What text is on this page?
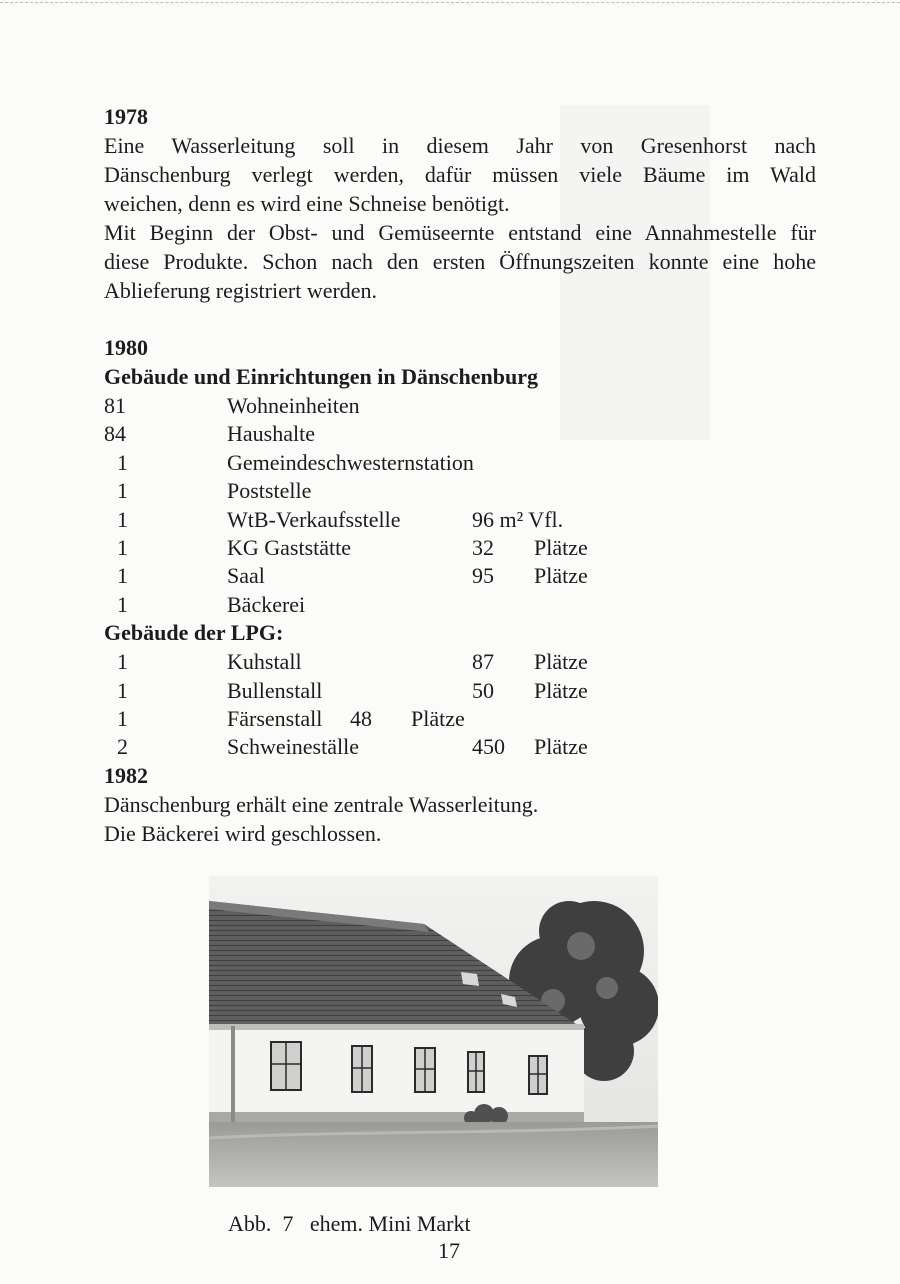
1978
Eine Wasserleitung soll in diesem Jahr von Gresenhorst nach
Dänschenburg verlegt werden, dafür müssen viele Bäume im Wald
weichen, denn es wird eine Schneise benötigt.
Mit Beginn der Obst- und Gemüseernte entstand eine Annahmestelle für
diese Produkte. Schon nach den ersten Öffnungszeiten konnte eine hohe
Ablieferung registriert werden.
1980
Gebäude und Einrichtungen in Dänschenburg
81	Wohneinheiten
84	Haushalte
1	Gemeindeschwesternstation
1	Poststelle
1	WtB-Verkaufsstelle	96 m² Vfl.
1	KG Gaststätte	32 Plätze
1	Saal	95 Plätze
1	Bäckerei
Gebäude der LPG:
1	Kuhstall	87 Plätze
1	Bullenstall	50 Plätze
1	Färsenstall 48 Plätze
2	Schweineställe	450 Plätze
1982
Dänschenburg erhält eine zentrale Wasserleitung.
Die Bäckerei wird geschlossen.
Abb.  7   ehem. Mini Markt
17
